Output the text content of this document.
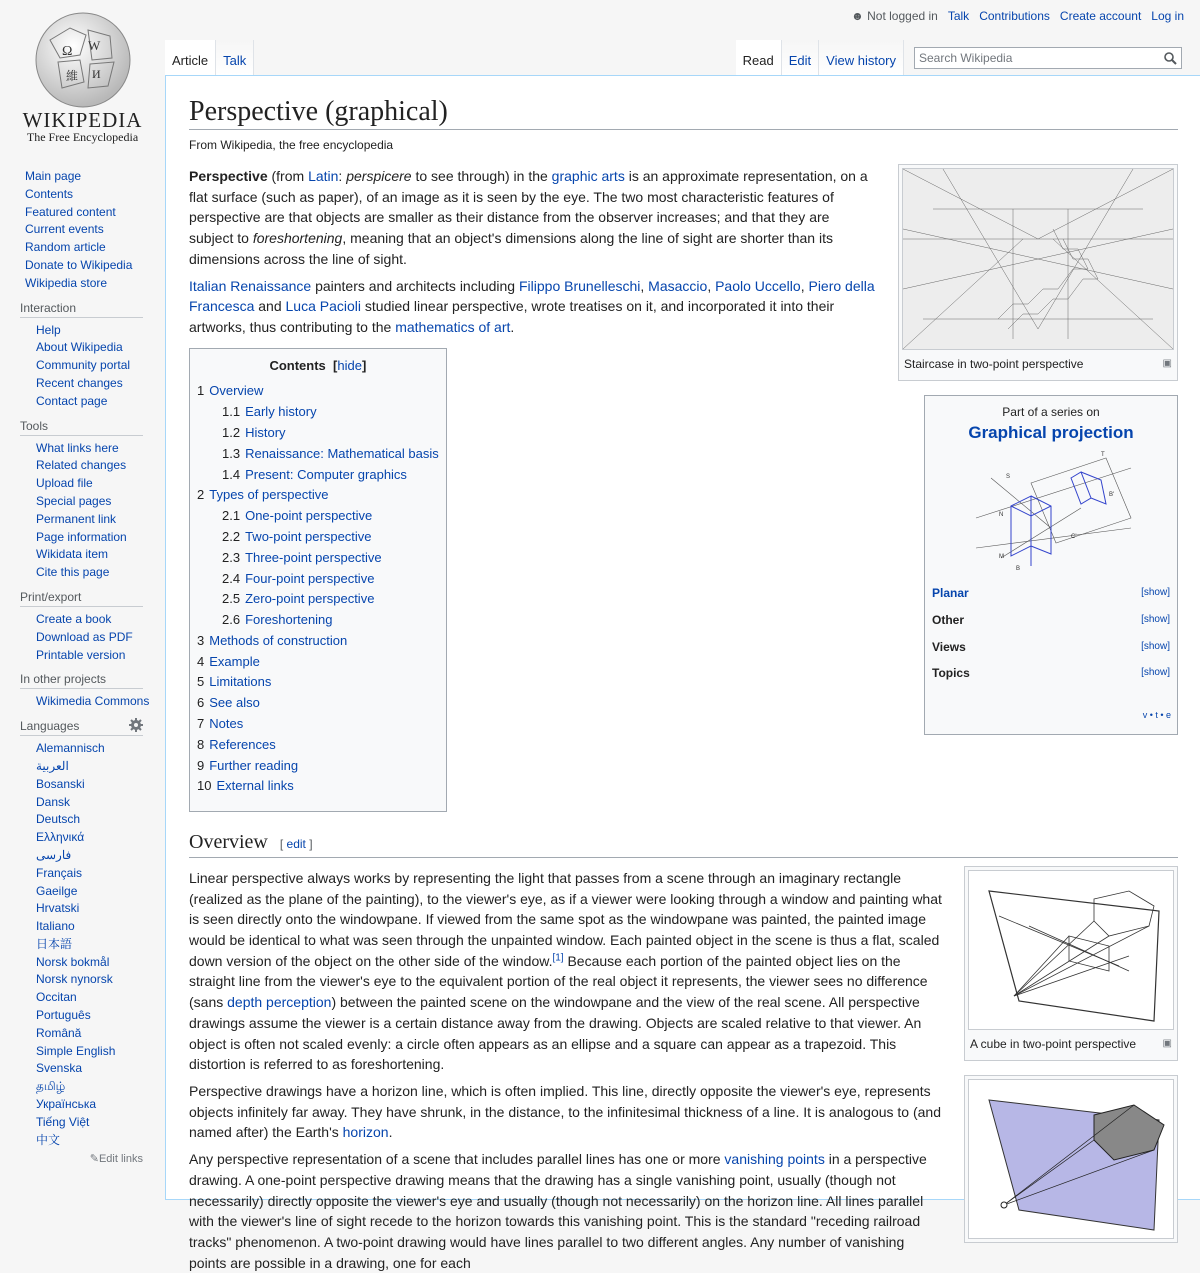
Ω W
維 И
WIKIPEDIA
The Free Encyclopedia
☻ Not logged in Talk Contributions Create account Log in
Article Talk	Read Edit View history	Search Wikipedia
Main page
Contents
Featured content
Current events
Random article
Donate to Wikipedia
Wikipedia store
Interaction
Help
About Wikipedia
Community portal
Recent changes
Contact page
Tools
What links here
Related changes
Upload file
Special pages
Permanent link
Page information
Wikidata item
Cite this page
Print/export
Create a book
Download as PDF
Printable version
In other projects
Wikimedia Commons
Languages
Alemannisch
العربية
Bosanski
Dansk
Deutsch
Ελληνικά
فارسی
Français
Gaeilge
Hrvatski
Italiano
日本語
Norsk bokmål
Norsk nynorsk
Occitan
Português
Română
Simple English
Svenska
தமிழ்
Українська
Tiếng Việt
中文
✎Edit links
Perspective (graphical)
From Wikipedia, the free encyclopedia
Staircase in two-point perspective	▣
Part of a series on
Graphical projection
S
T
N
M
B
C'
B'
Planar	[show]
Other	[show]
Views	[show]
Topics	[show]
v • t • e

Perspective (from Latin: perspicere to see through) in the graphic arts is an approximate representation, on a flat surface (such as paper), of an image as it is seen by the eye. The two most characteristic features of perspective are that objects are smaller as their distance from the observer increases; and that they are subject to foreshortening, meaning that an object's dimensions along the line of sight are shorter than its dimensions across the line of sight.

Italian Renaissance painters and architects including Filippo Brunelleschi, Masaccio, Paolo Uccello, Piero della Francesca and Luca Pacioli studied linear perspective, wrote treatises on it, and incorporated it into their artworks, thus contributing to the mathematics of art.

Contents  [hide]
1 Overview
1.1 Early history
1.2 History
1.3 Renaissance: Mathematical basis
1.4 Present: Computer graphics
2 Types of perspective
2.1 One-point perspective
2.2 Two-point perspective
2.3 Three-point perspective
2.4 Four-point perspective
2.5 Zero-point perspective
2.6 Foreshortening
3 Methods of construction
4 Example
5 Limitations
6 See also
7 Notes
8 References
9 Further reading
10 External links
Overview [ edit ]
A cube in two-point perspective	▣

Linear perspective always works by representing the light that passes from a scene through an imaginary rectangle (realized as the plane of the painting), to the viewer's eye, as if a viewer were looking through a window and painting what is seen directly onto the windowpane. If viewed from the same spot as the windowpane was painted, the painted image would be identical to what was seen through the unpainted window. Each painted object in the scene is thus a flat, scaled down version of the object on the other side of the window.[1] Because each portion of the painted object lies on the straight line from the viewer's eye to the equivalent portion of the real object it represents, the viewer sees no difference (sans depth perception) between the painted scene on the windowpane and the view of the real scene. All perspective drawings assume the viewer is a certain distance away from the drawing. Objects are scaled relative to that viewer. An object is often not scaled evenly: a circle often appears as an ellipse and a square can appear as a trapezoid. This distortion is referred to as foreshortening.

Perspective drawings have a horizon line, which is often implied. This line, directly opposite the viewer's eye, represents objects infinitely far away. They have shrunk, in the distance, to the infinitesimal thickness of a line. It is analogous to (and named after) the Earth's horizon.

Any perspective representation of a scene that includes parallel lines has one or more vanishing points in a perspective drawing. A one-point perspective drawing means that the drawing has a single vanishing point, usually (though not necessarily) directly opposite the viewer's eye and usually (though not necessarily) on the horizon line. All lines parallel with the viewer's line of sight recede to the horizon towards this vanishing point. This is the standard "receding railroad tracks" phenomenon. A two-point drawing would have lines parallel to two different angles. Any number of vanishing points are possible in a drawing, one for each
